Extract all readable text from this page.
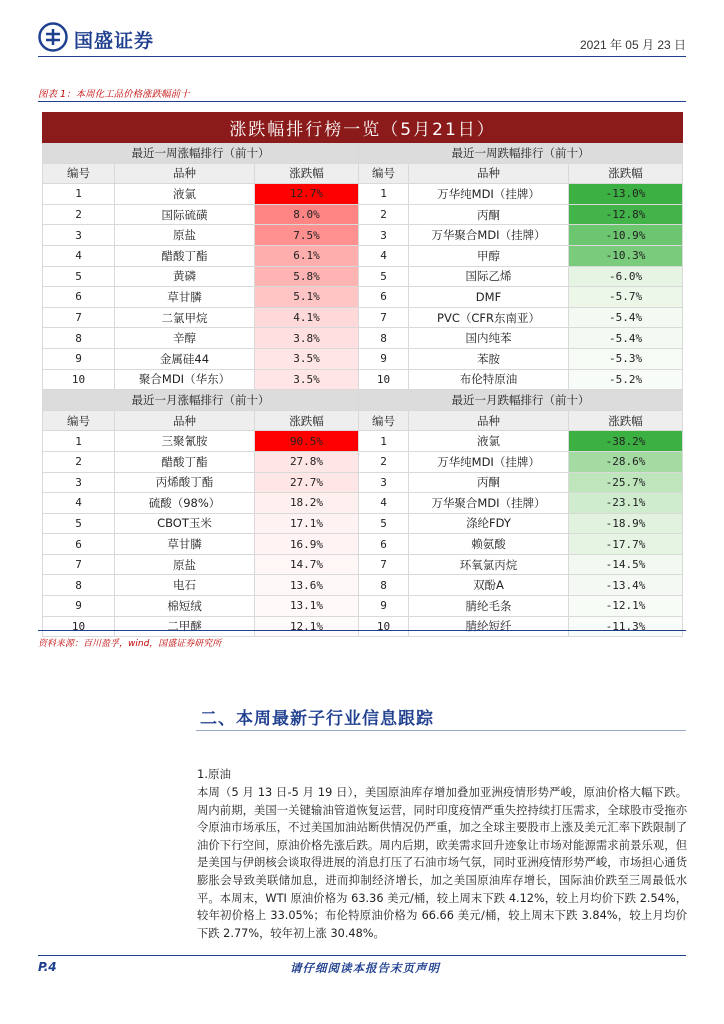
国盛证券	2021 年 05 月 23 日
图表 1：本周化工品价格涨跌幅前十
涨跌幅排行榜一览（5月21日）					
最近一周涨幅排行（前十）			最近一周跌幅排行（前十）		
编号	品种	涨跌幅	编号	品种	涨跌幅
1	液氯	12.7%	1	万华纯MDI（挂牌）	-13.0%
2	国际硫磺	8.0%	2	丙酮	-12.8%
3	原盐	7.5%	3	万华聚合MDI（挂牌）	-10.9%
4	醋酸丁酯	6.1%	4	甲醇	-10.3%
5	黄磷	5.8%	5	国际乙烯	-6.0%
6	草甘膦	5.1%	6	DMF	-5.7%
7	二氯甲烷	4.1%	7	PVC（CFR东南亚）	-5.4%
8	辛醇	3.8%	8	国内纯苯	-5.4%
9	金属硅44	3.5%	9	苯胺	-5.3%
10	聚合MDI（华东）	3.5%	10	布伦特原油	-5.2%
最近一月涨幅排行（前十）			最近一月跌幅排行（前十）		
编号	品种	涨跌幅	编号	品种	涨跌幅
1	三聚氰胺	90.5%	1	液氯	-38.2%
2	醋酸丁酯	27.8%	2	万华纯MDI（挂牌）	-28.6%
3	丙烯酸丁酯	27.7%	3	丙酮	-25.7%
4	硫酸（98%）	18.2%	4	万华聚合MDI（挂牌）	-23.1%
5	CBOT玉米	17.1%	5	涤纶FDY	-18.9%
6	草甘膦	16.9%	6	赖氨酸	-17.7%
7	原盐	14.7%	7	环氧氯丙烷	-14.5%
8	电石	13.6%	8	双酚A	-13.4%
9	棉短绒	13.1%	9	腈纶毛条	-12.1%
10	二甲醚	12.1%	10	腈纶短纤	-11.3%
资料来源：百川盈孚，wind，国盛证券研究所
二、本周最新子行业信息跟踪
1.原油
本周（5 月 13 日-5 月 19 日），美国原油库存增加叠加亚洲疫情形势严峻，原油价格大幅下跌。周内前期，美国一关键输油管道恢复运营，同时印度疫情严重失控持续打压需求，全球股市受拖亦令原油市场承压，不过美国加油站断供情况仍严重，加之全球主要股市上涨及美元汇率下跌限制了油价下行空间，原油价格先涨后跌。周内后期，欧美需求回升迹象让市场对能源需求前景乐观，但是美国与伊朗核会谈取得进展的消息打压了石油市场气氛，同时亚洲疫情形势严峻，市场担心通货膨胀会导致美联储加息，进而抑制经济增长，加之美国原油库存增长，国际油价跌至三周最低水平。本周末，WTI 原油价格为 63.36 美元/桶，较上周末下跌 4.12%，较上月均价下跌 2.54%，较年初价格上 33.05%；布伦特原油价格为 66.66 美元/桶，较上周末下跌 3.84%，较上月均价下跌 2.77%，较年初上涨 30.48%。
P.4	请仔细阅读本报告末页声明
